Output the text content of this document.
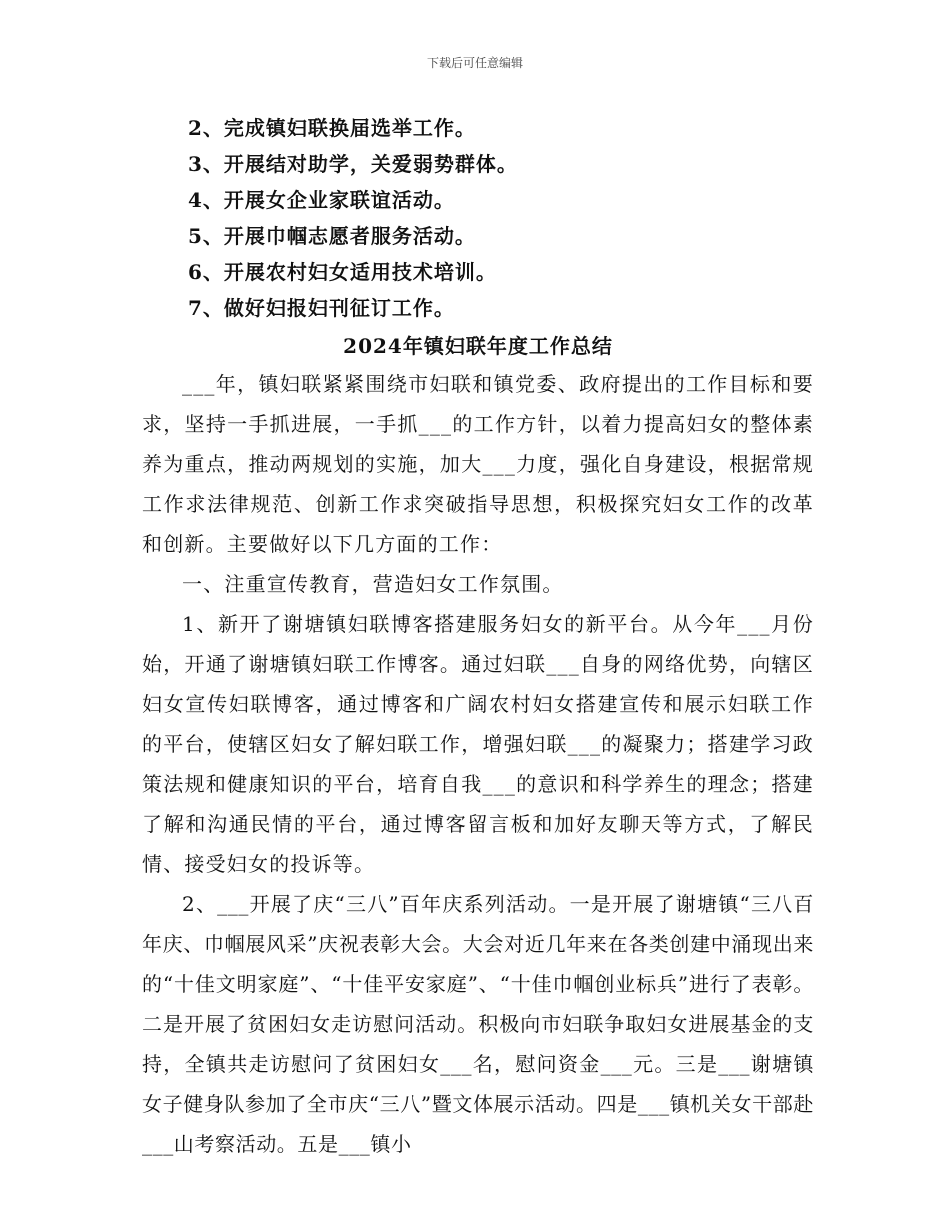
下载后可任意编辑
2、完成镇妇联换届选举工作。
3、开展结对助学，关爱弱势群体。
4、开展女企业家联谊活动。
5、开展巾帼志愿者服务活动。
6、开展农村妇女适用技术培训。
7、做好妇报妇刊征订工作。
2024年镇妇联年度工作总结

___年，镇妇联紧紧围绕市妇联和镇党委、政府提出的工作目标和要求，坚持一手抓进展，一手抓___的工作方针，以着力提高妇女的整体素养为重点，推动两规划的实施，加大___力度，强化自身建设，根据常规工作求法律规范、创新工作求突破指导思想，积极探究妇女工作的改革和创新。主要做好以下几方面的工作：

一、注重宣传教育，营造妇女工作氛围。

1、新开了谢塘镇妇联博客搭建服务妇女的新平台。从今年___月份始，开通了谢塘镇妇联工作博客。通过妇联___自身的网络优势，向辖区妇女宣传妇联博客，通过博客和广阔农村妇女搭建宣传和展示妇联工作的平台，使辖区妇女了解妇联工作，增强妇联___的凝聚力；搭建学习政策法规和健康知识的平台，培育自我___的意识和科学养生的理念；搭建了解和沟通民情的平台，通过博客留言板和加好友聊天等方式，了解民情、接受妇女的投诉等。

2、___开展了庆“三八”百年庆系列活动。一是开展了谢塘镇“三八百年庆、巾帼展风采”庆祝表彰大会。大会对近几年来在各类创建中涌现出来的“十佳文明家庭”、“十佳平安家庭”、“十佳巾帼创业标兵”进行了表彰。二是开展了贫困妇女走访慰问活动。积极向市妇联争取妇女进展基金的支持，全镇共走访慰问了贫困妇女___名，慰问资金___元。三是___谢塘镇女子健身队参加了全市庆“三八”暨文体展示活动。四是___镇机关女干部赴___山考察活动。五是___镇小
